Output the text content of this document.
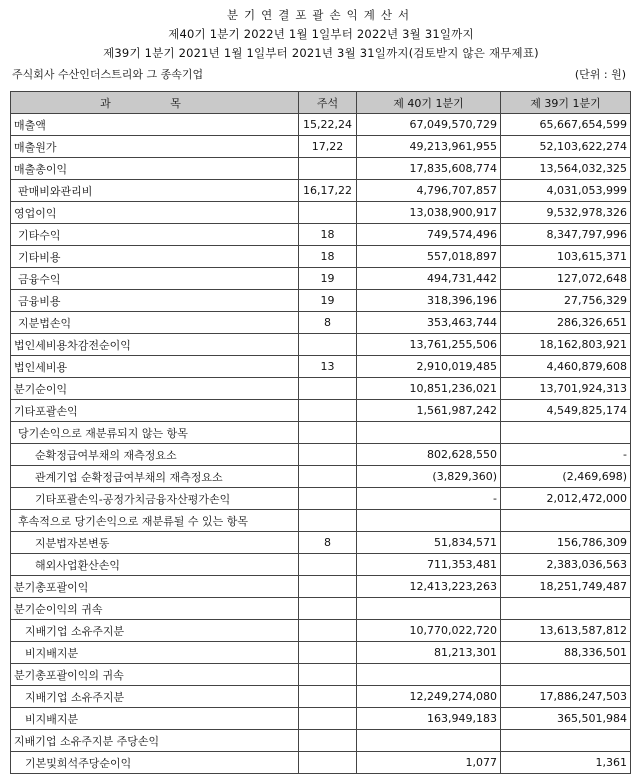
분기연결포괄손익계산서
제40기 1분기 2022년 1월 1일부터 2022년 3월 31일까지
제39기 1분기 2021년 1월 1일부터 2021년 3월 31일까지(검토받지 않은 재무제표)
주식회사 수산인더스트리와 그 종속기업	(단위 : 원)
과 목	주석	제 40기 1분기	제 39기 1분기
매출액	15,22,24	67,049,570,729	65,667,654,599
매출원가	17,22	49,213,961,955	52,103,622,274
매출총이익		17,835,608,774	13,564,032,325
판매비와관리비	16,17,22	4,796,707,857	4,031,053,999
영업이익		13,038,900,917	9,532,978,326
기타수익	18	749,574,496	8,347,797,996
기타비용	18	557,018,897	103,615,371
금융수익	19	494,731,442	127,072,648
금융비용	19	318,396,196	27,756,329
지분법손익	8	353,463,744	286,326,651
법인세비용차감전순이익		13,761,255,506	18,162,803,921
법인세비용	13	2,910,019,485	4,460,879,608
분기순이익		10,851,236,021	13,701,924,313
기타포괄손익		1,561,987,242	4,549,825,174
당기손익으로 재분류되지 않는 항목			
순확정급여부채의 재측정요소		802,628,550	-
관계기업 순확정급여부채의 재측정요소		(3,829,360)	(2,469,698)
기타포괄손익-공정가치금융자산평가손익		-	2,012,472,000
후속적으로 당기손익으로 재분류될 수 있는 항목			
지분법자본변동	8	51,834,571	156,786,309
해외사업환산손익		711,353,481	2,383,036,563
분기총포괄이익		12,413,223,263	18,251,749,487
분기순이익의 귀속			
지배기업 소유주지분		10,770,022,720	13,613,587,812
비지배지분		81,213,301	88,336,501
분기총포괄이익의 귀속			
지배기업 소유주지분		12,249,274,080	17,886,247,503
비지배지분		163,949,183	365,501,984
지배기업 소유주지분 주당손익			
기본및희석주당순이익		1,077	1,361
